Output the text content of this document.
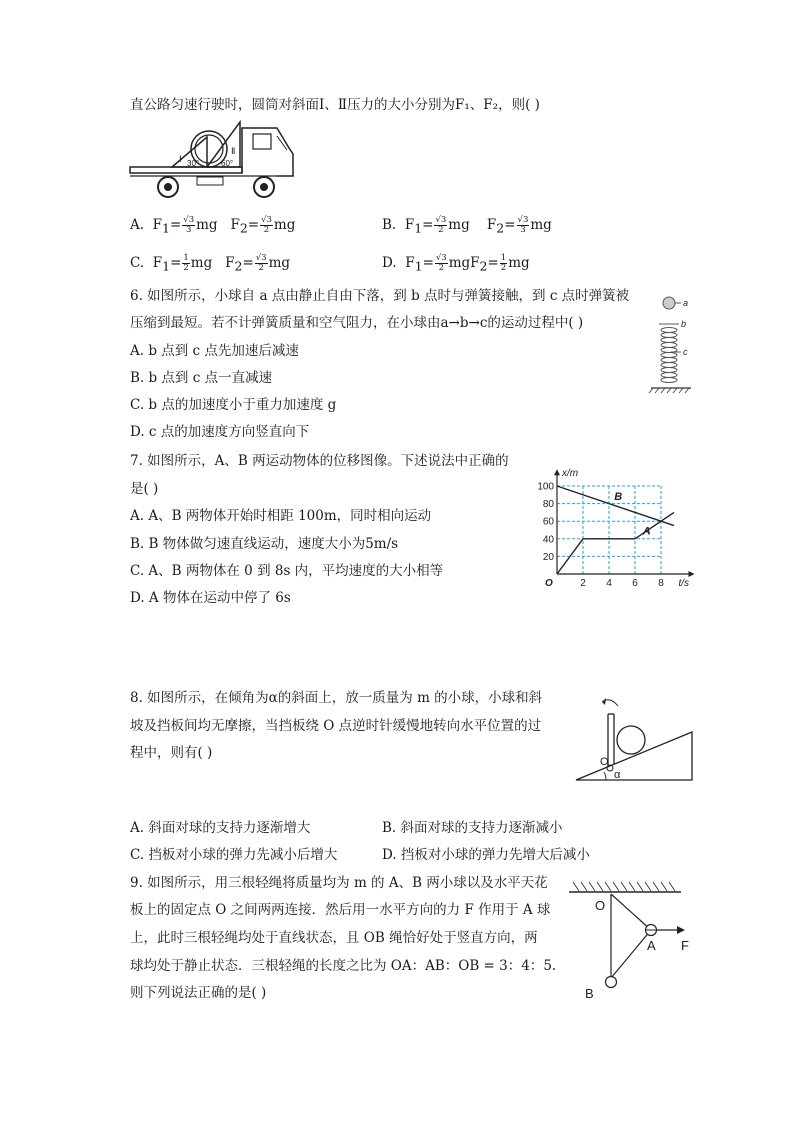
直公路匀速行驶时，圆筒对斜面Ⅰ、Ⅱ压力的大小分别为F₁、F₂，则( )
Ⅰ
Ⅱ
30°	60°
A. $F_1= \frac{√3}{3}$ mg $F_2= \frac{√3}{2}$ mg	B. $F_1= \frac{√3}{2}$ mg $F_2= \frac{√3}{3}$ mg
C. $F_1= \frac{1}{2}$ mg $F_2= \frac{√3}{2}$ mg	D. $F_1= \frac{√3}{2} mgF_2= \frac{1}{2}$ mg
6. 如图所示，小球自 a 点由静止自由下落，到 b 点时与弹簧接触，到 c 点时弹簧被
压缩到最短。若不计弹簧质量和空气阻力，在小球由a→b→c的运动过程中( )
A. b 点到 c 点先加速后减速
B. b 点到 c 点一直减速
C. b 点的加速度小于重力加速度 g
D. c 点的加速度方向竖直向下
a
b
c
7. 如图所示，A、B 两运动物体的位移图像。下述说法中正确的
是( )
A. A、B 两物体开始时相距 100m，同时相向运动
B. B 物体做匀速直线运动，速度大小为5m/s
C. A、B 两物体在 0 到 8s 内，平均速度的大小相等
D. A 物体在运动中停了 6s
20
40
60
80
100
2 4 6 8
A
B
x/m
t/s
O
8. 如图所示，在倾角为α的斜面上，放一质量为 m 的小球，小球和斜
坡及挡板间均无摩擦，当挡板绕 O 点逆时针缓慢地转向水平位置的过
程中，则有( )
O
α
A. 斜面对球的支持力逐渐增大	B. 斜面对球的支持力逐渐减小
C. 挡板对小球的弹力先减小后增大	D. 挡板对小球的弹力先增大后减小
9. 如图所示，用三根轻绳将质量均为 m 的 A、B 两小球以及水平天花
板上的固定点 O 之间两两连接．然后用一水平方向的力 F 作用于 A 球
上，此时三根轻绳均处于直线状态，且 OB 绳恰好处于竖直方向，两
球均处于静止状态．三根轻绳的长度之比为 OA：AB：OB = 3：4：5.
则下列说法正确的是( )
O
A F
B
